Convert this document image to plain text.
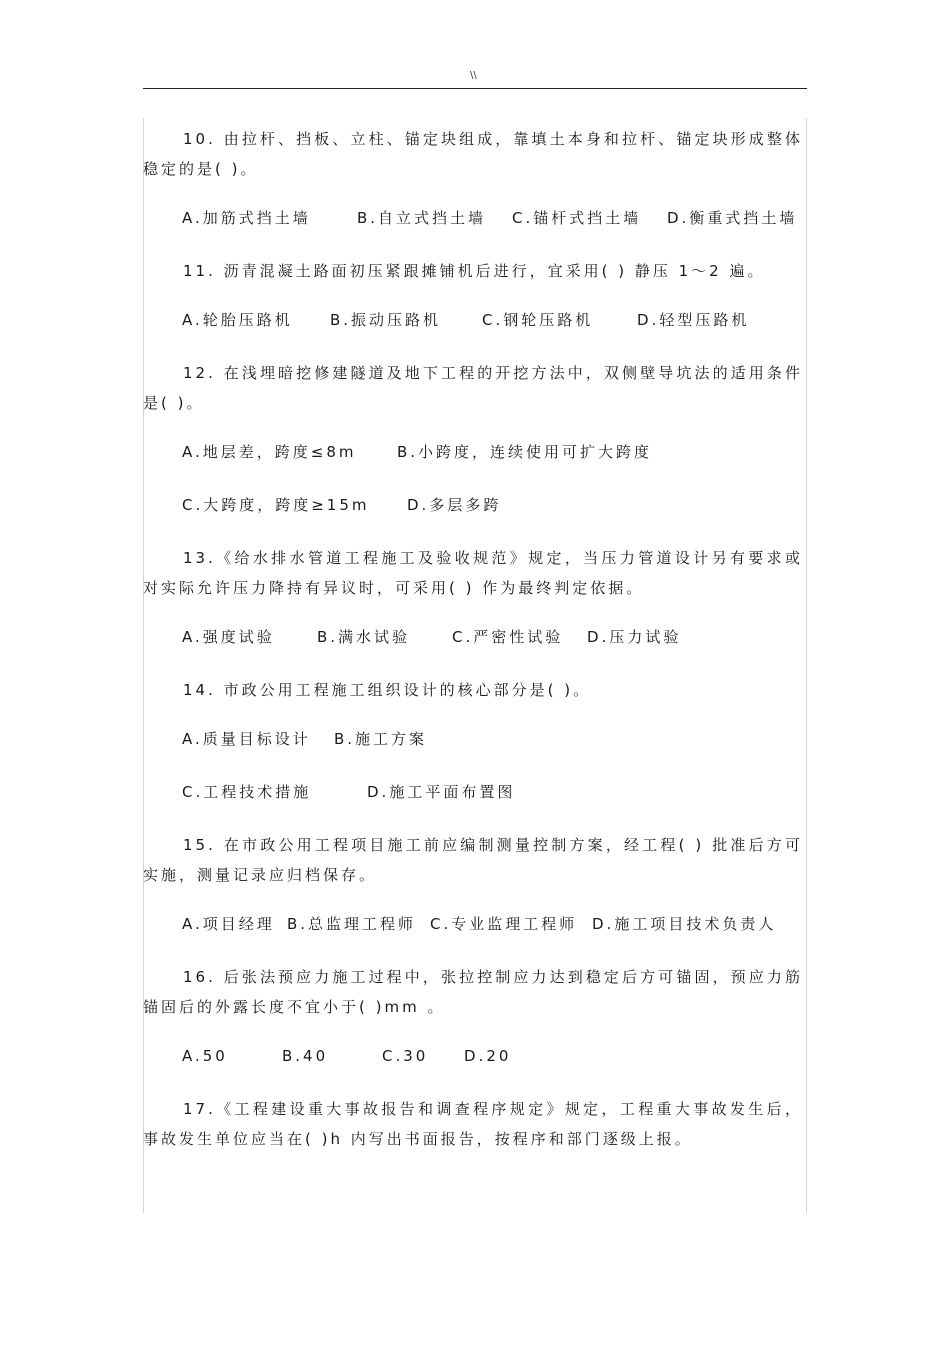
\\
10. 由拉杆、挡板、立柱、锚定块组成，靠填土本身和拉杆、锚定块形成整体稳定的是( )。
A.加筋式挡土墙	B.自立式挡土墙 C.锚杆式挡土墙 D.衡重式挡土墙
11. 沥青混凝土路面初压紧跟摊铺机后进行，宜采用( ) 静压 1～2 遍。
A.轮胎压路机 B.振动压路机	C.钢轮压路机	D.轻型压路机
12. 在浅埋暗挖修建隧道及地下工程的开挖方法中，双侧壁导坑法的适用条件是( )。
A.地层差，跨度≤8m	B.小跨度，连续使用可扩大跨度
C.大跨度，跨度≥15m D.多层多跨
13.《给水排水管道工程施工及验收规范》规定，当压力管道设计另有要求或对实际允许压力降持有异议时，可采用( ) 作为最终判定依据。
A.强度试验	B.满水试验	C.严密性试验 D.压力试验
14. 市政公用工程施工组织设计的核心部分是( )。
A.质量目标设计 B.施工方案
C.工程技术措施	D.施工平面布置图
15. 在市政公用工程项目施工前应编制测量控制方案，经工程( ) 批准后方可实施，测量记录应归档保存。
A.项目经理 B.总监理工程师 C.专业监理工程师 D.施工项目技术负责人
16. 后张法预应力施工过程中，张拉控制应力达到稳定后方可锚固，预应力筋锚固后的外露长度不宜小于( )mm 。
A.50	B.40	C.30 D.20
17.《工程建设重大事故报告和调查程序规定》规定，工程重大事故发生后，事故发生单位应当在( )h 内写出书面报告，按程序和部门逐级上报。
